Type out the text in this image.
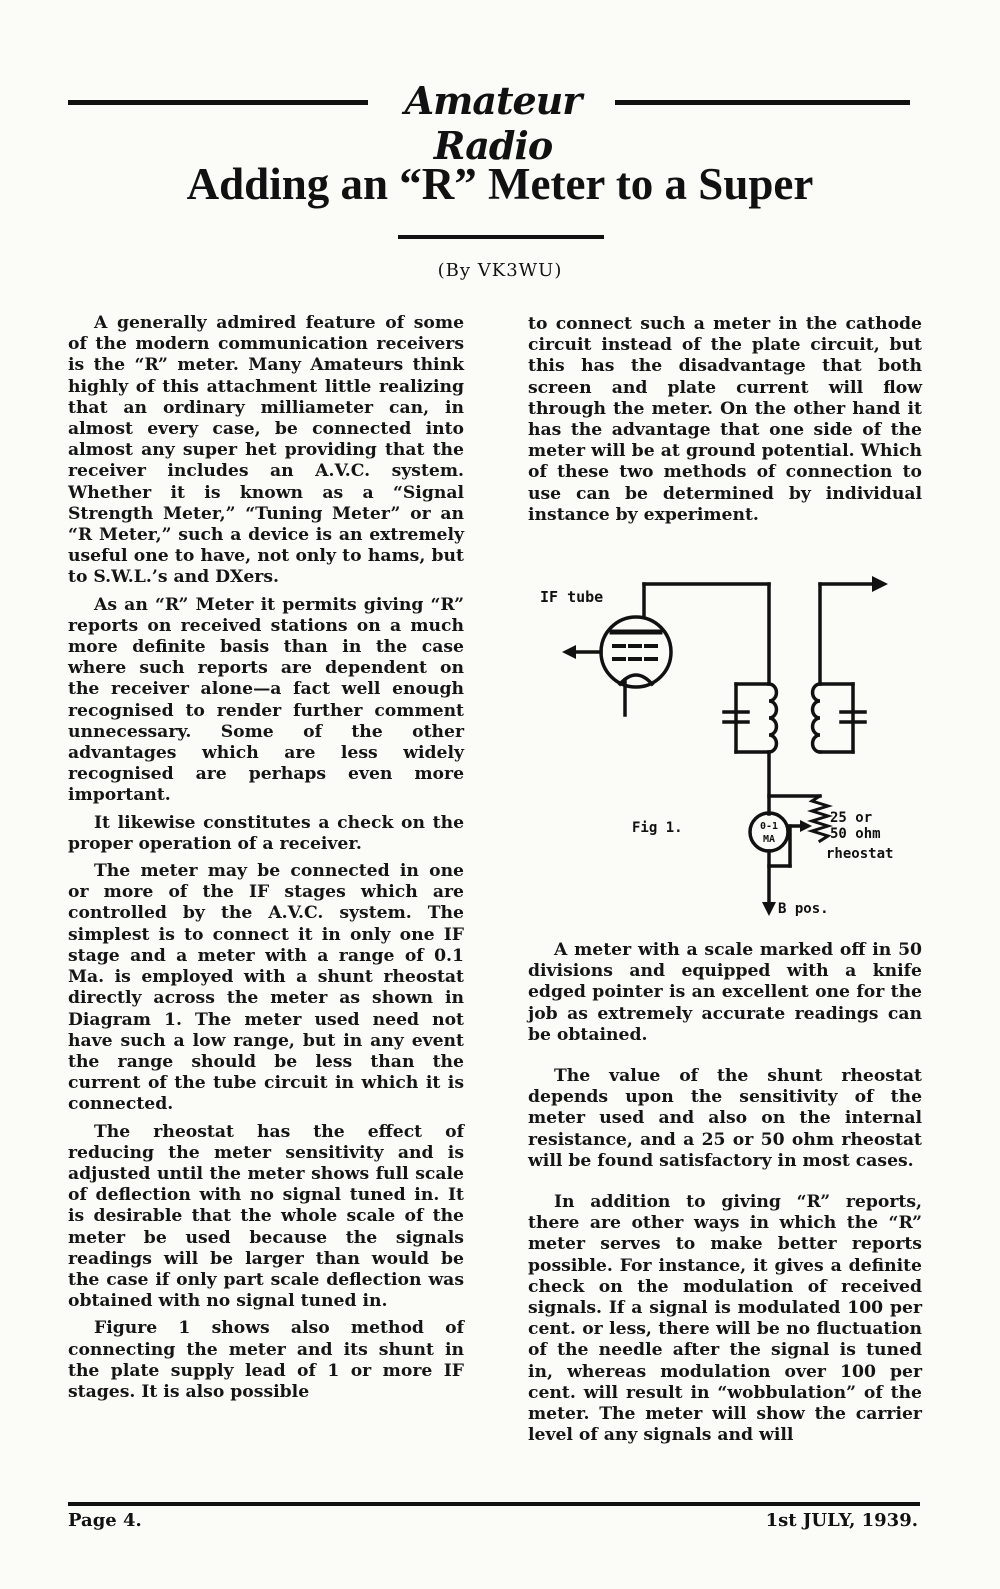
Amateur Radio
Adding an “R” Meter to a Super
(By VK3WU)

A generally admired feature of some of the modern communication receivers is the “R” meter. Many Amateurs think highly of this attachment little realizing that an ordinary milliameter can, in almost every case, be connected into almost any super het providing that the receiver includes an A.V.C. system. Whether it is known as a “Signal Strength Meter,” “Tuning Meter” or an “R Meter,” such a device is an extremely useful one to have, not only to hams, but to S.W.L.’s and DXers.

As an “R” Meter it permits giving “R” reports on received stations on a much more definite basis than in the case where such reports are dependent on the receiver alone—a fact well enough recognised to render further comment unnecessary. Some of the other advantages which are less widely recognised are perhaps even more important.

It likewise constitutes a check on the proper operation of a receiver.

The meter may be connected in one or more of the IF stages which are controlled by the A.V.C. system. The simplest is to connect it in only one IF stage and a meter with a range of 0.1 Ma. is employed with a shunt rheostat directly across the meter as shown in Diagram 1. The meter used need not have such a low range, but in any event the range should be less than the current of the tube circuit in which it is connected.

The rheostat has the effect of reducing the meter sensitivity and is adjusted until the meter shows full scale of deflection with no signal tuned in. It is desirable that the whole scale of the meter be used because the signals readings will be larger than would be the case if only part scale deflection was obtained with no signal tuned in.

Figure 1 shows also method of connecting the meter and its shunt in the plate supply lead of 1 or more IF stages. It is also possible

to connect such a meter in the cathode circuit instead of the plate circuit, but this has the disadvantage that both screen and plate current will flow through the meter. On the other hand it has the advantage that one side of the meter will be at ground potential. Which of these two methods of connection to use can be determined by individual instance by experiment.

IF tube
Fig 1.	0-1
MA
25 or
50 ohm
rheostat
B pos.

A meter with a scale marked off in 50 divisions and equipped with a knife edged pointer is an excellent one for the job as extremely accurate readings can be obtained.

The value of the shunt rheostat depends upon the sensitivity of the meter used and also on the internal resistance, and a 25 or 50 ohm rheostat will be found satisfactory in most cases.

In addition to giving “R” reports, there are other ways in which the “R” meter serves to make better reports possible. For instance, it gives a definite check on the modulation of received signals. If a signal is modulated 100 per cent. or less, there will be no fluctuation of the needle after the signal is tuned in, whereas modulation over 100 per cent. will result in “wobbulation” of the meter. The meter will show the carrier level of any signals and will

Page 4.	1st JULY, 1939.
